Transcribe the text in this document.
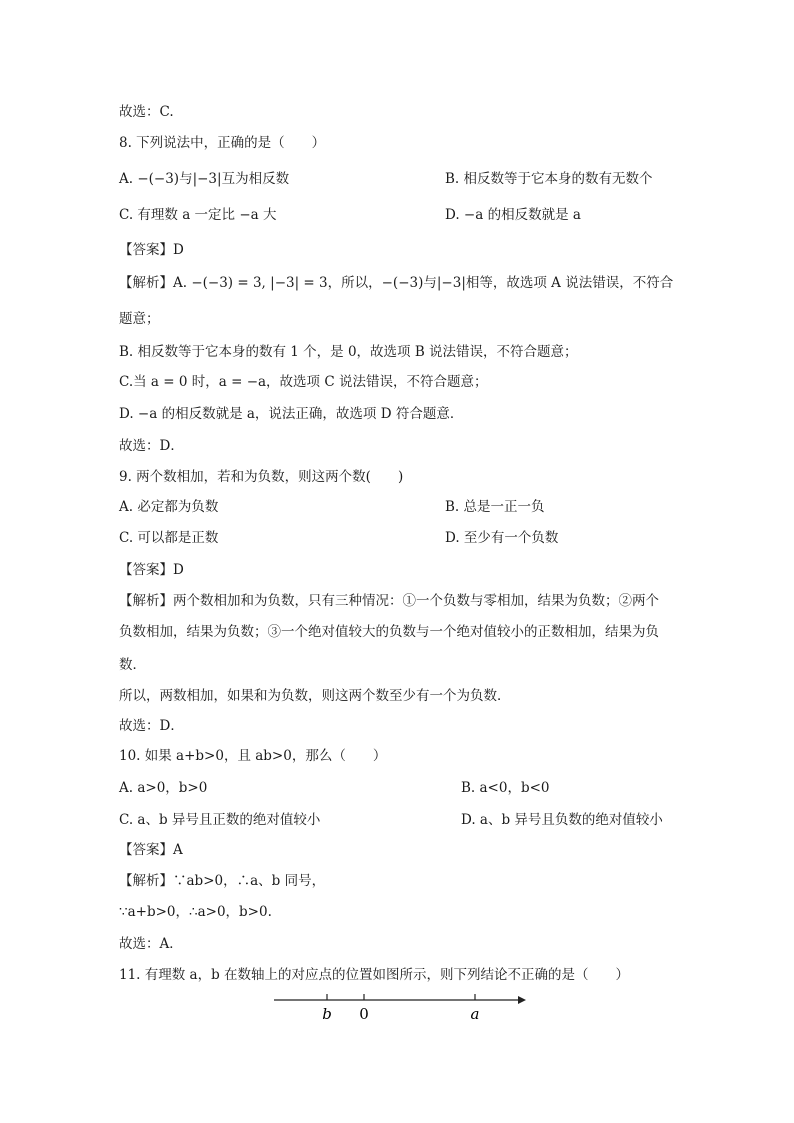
故选：C.
8. 下列说法中，正确的是（　　）
A. −(−3)与|−3|互为相反数	B. 相反数等于它本身的数有无数个
C. 有理数 a 一定比 −a 大	D. −a 的相反数就是 a
【答案】D
【解析】A. −(−3) = 3, |−3| = 3，所以，−(−3)与|−3|相等，故选项 A 说法错误，不符合
题意；
B. 相反数等于它本身的数有 1 个，是 0，故选项 B 说法错误，不符合题意；
C.当 a = 0 时，a = −a，故选项 C 说法错误，不符合题意；
D. −a 的相反数就是 a，说法正确，故选项 D 符合题意．
故选：D．
9. 两个数相加，若和为负数，则这两个数(　　)
A. 必定都为负数	B. 总是一正一负
C. 可以都是正数	D. 至少有一个负数
【答案】D
【解析】两个数相加和为负数，只有三种情况：①一个负数与零相加，结果为负数；②两个
负数相加，结果为负数；③一个绝对值较大的负数与一个绝对值较小的正数相加，结果为负
数．
所以，两数相加，如果和为负数，则这两个数至少有一个为负数．
故选：D．
10. 如果 a+b>0，且 ab>0，那么（　　）
A. a>0，b>0	B. a<0，b<0
C. a、b 异号且正数的绝对值较小	D. a、b 异号且负数的绝对值较小
【答案】A
【解析】∵ab>0，∴a、b 同号，
∵a+b>0，∴a>0，b>0.
故选：A．
11. 有理数 a，b 在数轴上的对应点的位置如图所示，则下列结论不正确的是（　　）
b 0	a
